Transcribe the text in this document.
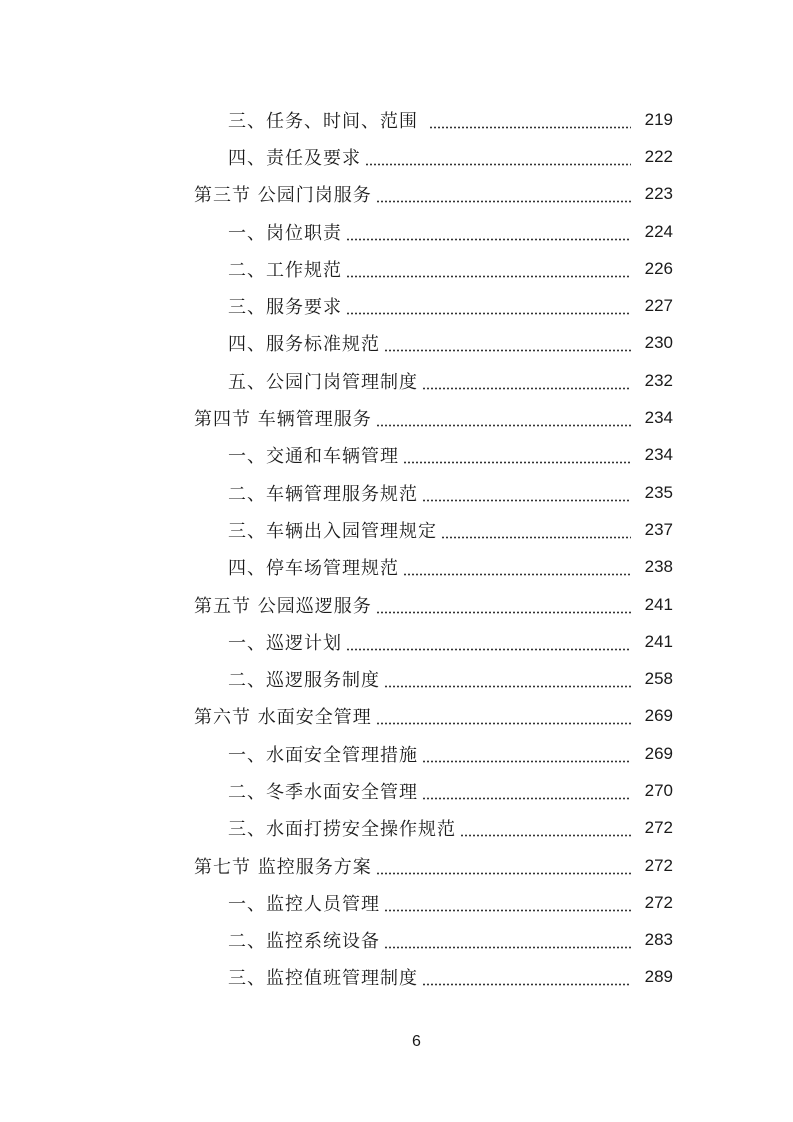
三、任务、时间、范围	219
四、责任及要求	222
第三节 公园门岗服务	223
一、岗位职责	224
二、工作规范	226
三、服务要求	227
四、服务标准规范	230
五、公园门岗管理制度	232
第四节 车辆管理服务	234
一、交通和车辆管理	234
二、车辆管理服务规范	235
三、车辆出入园管理规定	237
四、停车场管理规范	238
第五节 公园巡逻服务	241
一、巡逻计划	241
二、巡逻服务制度	258
第六节 水面安全管理	269
一、水面安全管理措施	269
二、冬季水面安全管理	270
三、水面打捞安全操作规范	272
第七节 监控服务方案	272
一、监控人员管理	272
二、监控系统设备	283
三、监控值班管理制度	289
6
